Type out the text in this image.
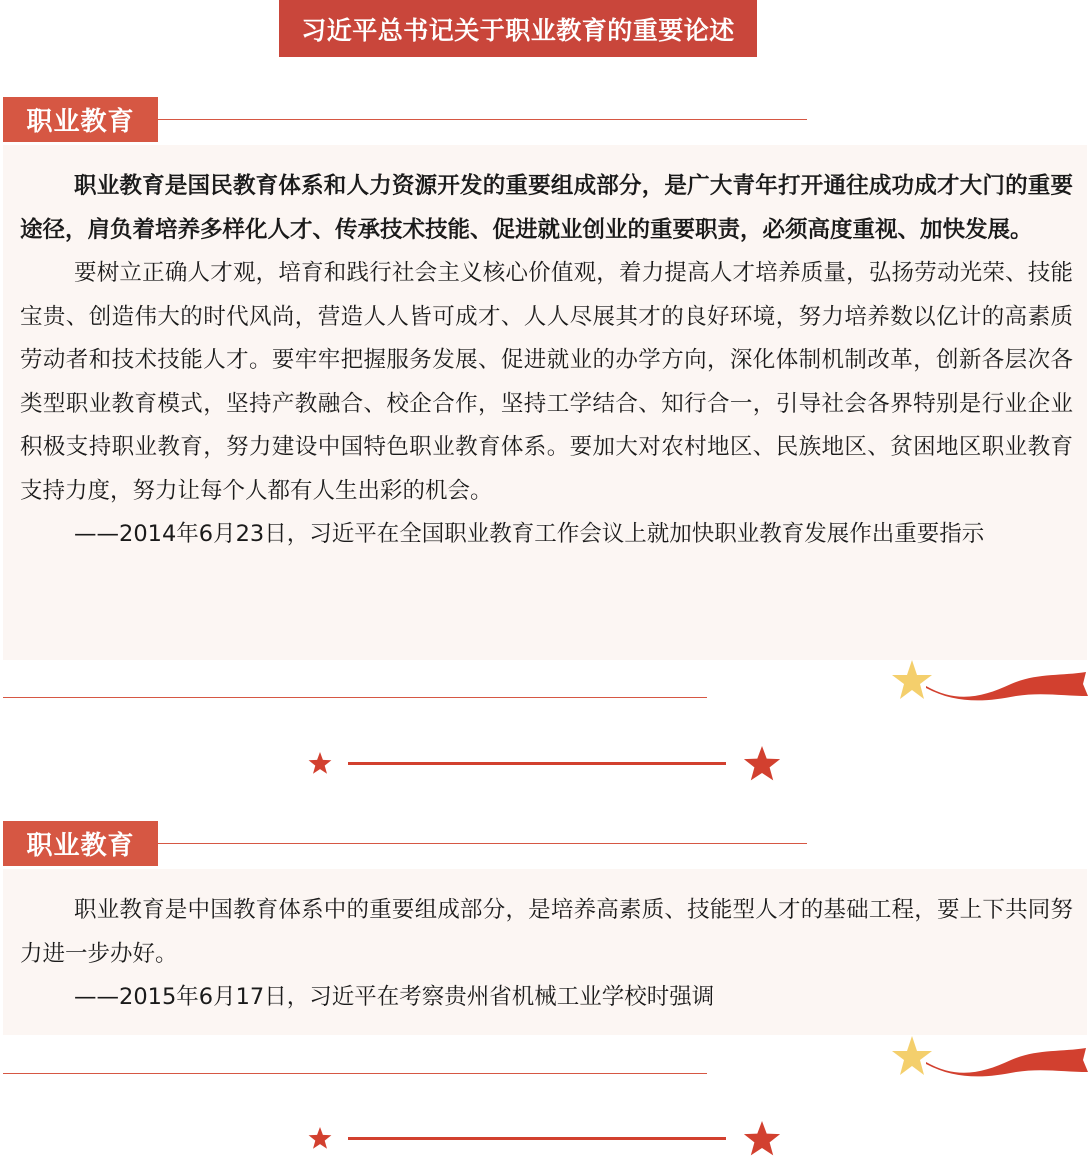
习近平总书记关于职业教育的重要论述
职业教育

职业教育是国民教育体系和人力资源开发的重要组成部分，是广大青年打开通往成功成才大门的重要途径，肩负着培养多样化人才、传承技术技能、促进就业创业的重要职责，必须高度重视、加快发展。

要树立正确人才观，培育和践行社会主义核心价值观，着力提高人才培养质量，弘扬劳动光荣、技能宝贵、创造伟大的时代风尚，营造人人皆可成才、人人尽展其才的良好环境，努力培养数以亿计的高素质劳动者和技术技能人才。要牢牢把握服务发展、促进就业的办学方向，深化体制机制改革，创新各层次各类型职业教育模式，坚持产教融合、校企合作，坚持工学结合、知行合一，引导社会各界特别是行业企业积极支持职业教育，努力建设中国特色职业教育体系。要加大对农村地区、民族地区、贫困地区职业教育支持力度，努力让每个人都有人生出彩的机会。

——2014年6月23日，习近平在全国职业教育工作会议上就加快职业教育发展作出重要指示

职业教育

职业教育是中国教育体系中的重要组成部分，是培养高素质、技能型人才的基础工程，要上下共同努力进一步办好。

——2015年6月17日，习近平在考察贵州省机械工业学校时强调
